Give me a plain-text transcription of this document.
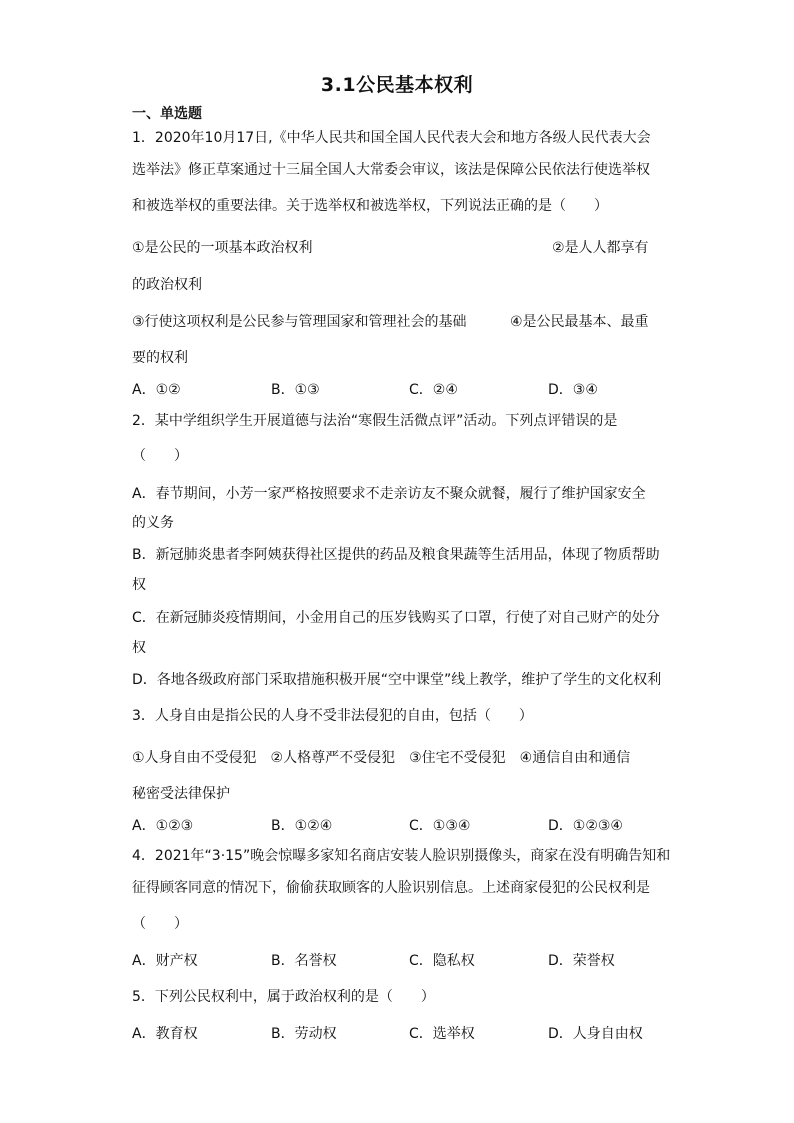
3.1公民基本权利
一、单选题
1．2020年10月17日,《中华人民共和国全国人民代表大会和地方各级人民代表大会
选举法》修正草案通过十三届全国人大常委会审议，该法是保障公民依法行使选举权
和被选举权的重要法律。关于选举权和被选举权，下列说法正确的是（　　）
①是公民的一项基本政治权利	②是人人都享有
的政治权利
③行使这项权利是公民参与管理国家和管理社会的基础	④是公民最基本、最重
要的权利
A．①②	B．①③	C．②④	D．③④
2．某中学组织学生开展道德与法治“寒假生活微点评”活动。下列点评错误的是
（　　）
A．春节期间，小芳一家严格按照要求不走亲访友不聚众就餐，履行了维护国家安全
的义务
B．新冠肺炎患者李阿姨获得社区提供的药品及粮食果蔬等生活用品，体现了物质帮助
权
C．在新冠肺炎疫情期间，小金用自己的压岁钱购买了口罩，行使了对自己财产的处分
权
D．各地各级政府部门采取措施积极开展“空中课堂”线上教学，维护了学生的文化权利
3．人身自由是指公民的人身不受非法侵犯的自由，包括（　　）
①人身自由不受侵犯　②人格尊严不受侵犯　③住宅不受侵犯　④通信自由和通信
秘密受法律保护
A．①②③	B．①②④	C．①③④	D．①②③④
4．2021年“3·15”晚会惊曝多家知名商店安装人脸识别摄像头，商家在没有明确告知和
征得顾客同意的情况下，偷偷获取顾客的人脸识别信息。上述商家侵犯的公民权利是
（　　）
A．财产权	B．名誉权	C．隐私权	D．荣誉权
5．下列公民权利中，属于政治权利的是（　　）
A．教育权	B．劳动权	C．选举权	D．人身自由权
